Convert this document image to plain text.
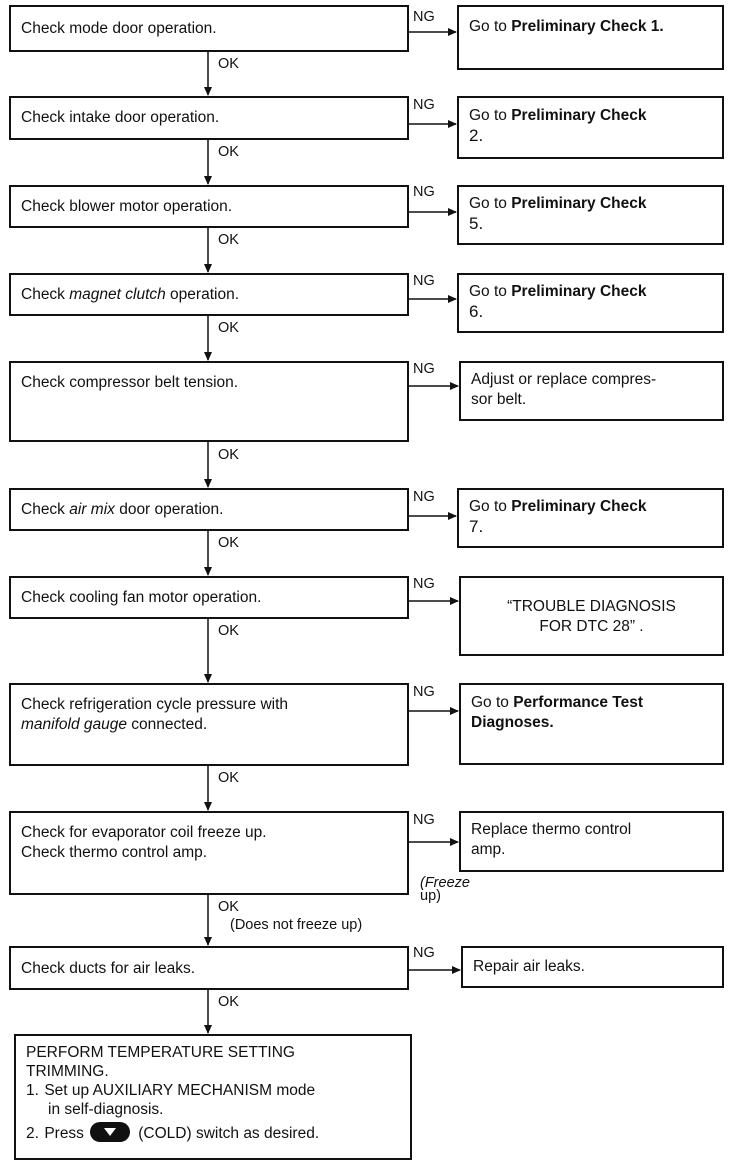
Check mode door operation.
Check intake door operation.
Check blower motor operation.
Check magnet clutch operation.
Check compressor belt tension.
Check air mix door operation.
Check cooling fan motor operation.
Check refrigeration cycle pressure with
manifold gauge connected.
Check for evaporator coil freeze up.
Check thermo control amp.
Check ducts for air leaks.
PERFORM TEMPERATURE SETTING
TRIMMING.
1. Set up AUXILIARY MECHANISM mode
in self-diagnosis.
2. Press	(COLD) switch as desired.
Go to Preliminary Check 1.
Go to Preliminary Check
2.
Go to Preliminary Check
5.
Go to Preliminary Check
6.
Adjust or replace compres-
sor belt.
Go to Preliminary Check
7.
“TROUBLE DIAGNOSIS
FOR DTC 28” .
Go to Performance Test
Diagnoses.
Replace thermo control
amp.
Repair air leaks.
OK
OK
OK
OK
OK
OK
OK
OK
OK
OK
NG
NG
NG
NG
NG
NG
NG
NG
NG
NG
(Freeze
up)
(Does not freeze up)
